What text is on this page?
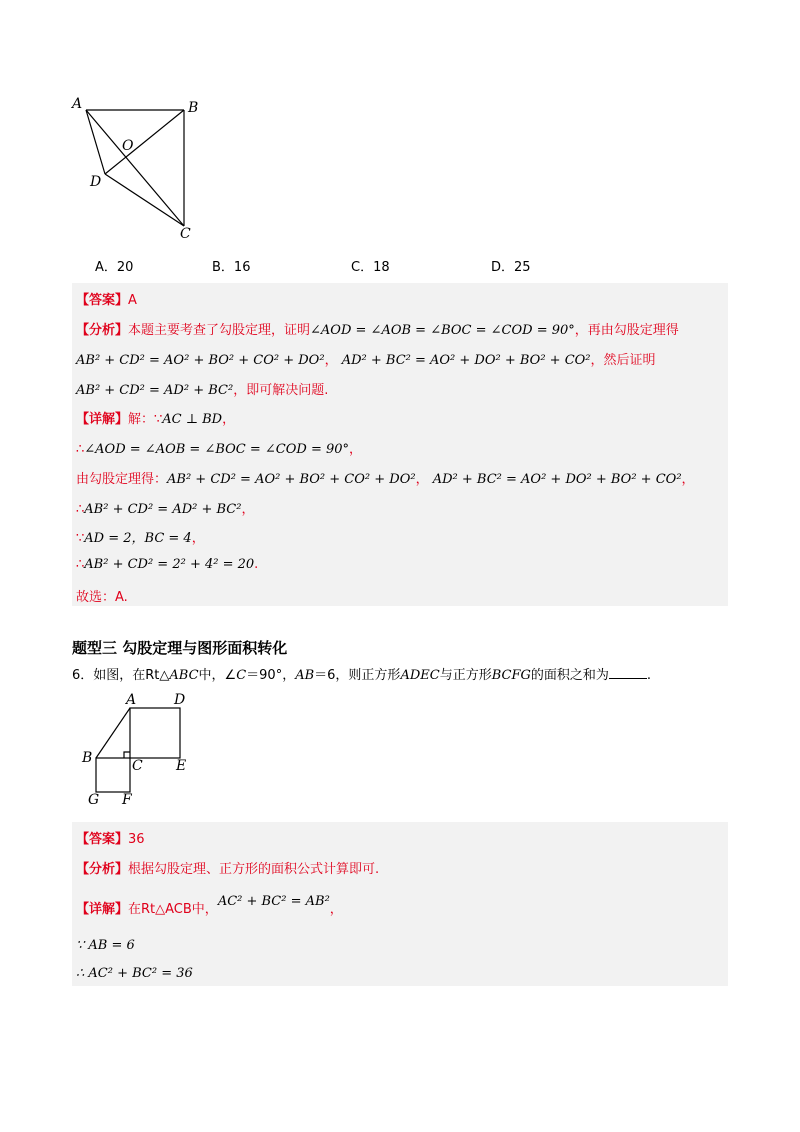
A	B
O
D
C
A．20	B．16	C．18	D．25
【答案】A
【分析】本题主要考查了勾股定理，证明∠AOD = ∠AOB = ∠BOC = ∠COD = 90°，再由勾股定理得
AB² + CD² = AO² + BO² + CO² + DO²， AD² + BC² = AO² + DO² + BO² + CO²，然后证明
AB² + CD² = AD² + BC²，即可解决问题.
【详解】解：∵AC ⊥ BD，
∴∠AOD = ∠AOB = ∠BOC = ∠COD = 90°，
由勾股定理得：AB² + CD² = AO² + BO² + CO² + DO²， AD² + BC² = AO² + DO² + BO² + CO²，
∴AB² + CD² = AD² + BC²，
∵AD = 2，BC = 4，
∴AB² + CD² = 2² + 4² = 20.
故选：A.
题型三 勾股定理与图形面积转化
6．如图，在Rt△ABC中，∠C＝90°，AB＝6，则正方形ADEC与正方形BCFG的面积之和为	.
A	D
B	C E
G F
【答案】36
【分析】根据勾股定理、正方形的面积公式计算即可.
【详解】在Rt△ACB中，AC² + BC² = AB²，
∵ AB = 6
∴ AC² + BC² = 36
